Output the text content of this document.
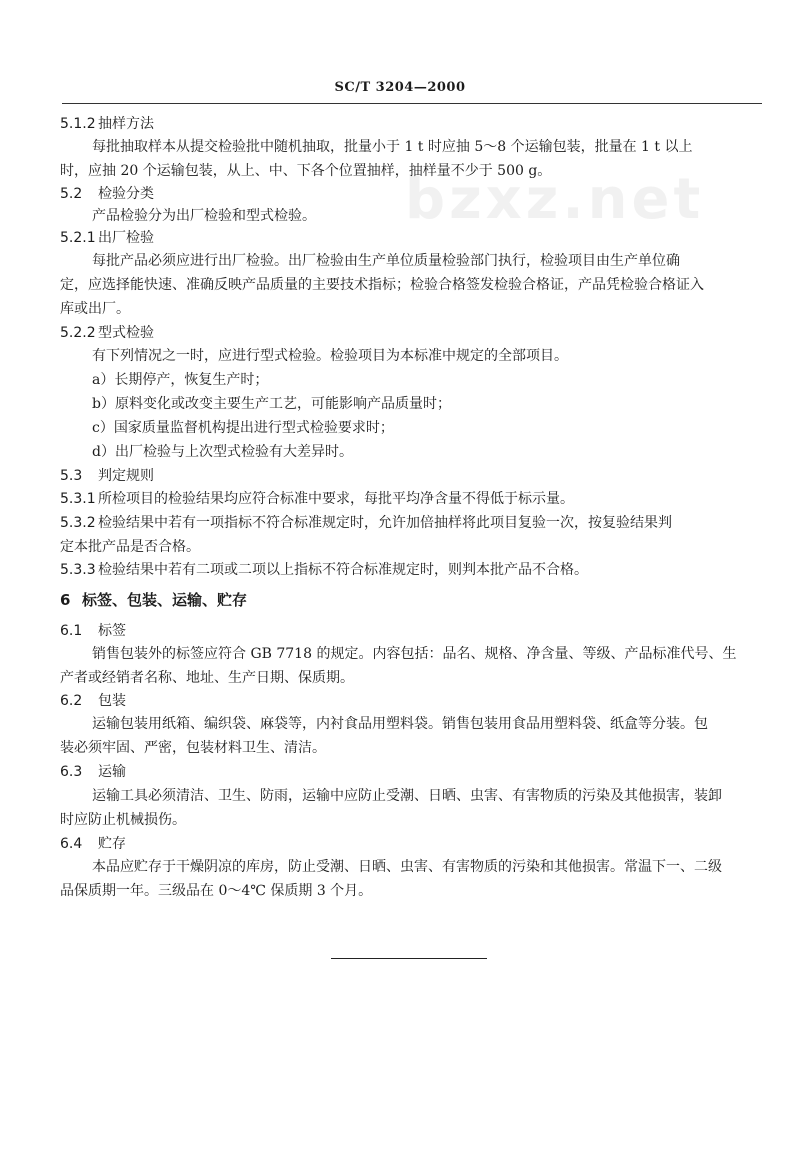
SC/T 3204—2000
bzxz.net
5.1.2 抽样方法
每批抽取样本从提交检验批中随机抽取，批量小于 1 t 时应抽 5～8 个运输包装，批量在 1 t 以上
时，应抽 20 个运输包装，从上、中、下各个位置抽样，抽样量不少于 500 g。
5.2 检验分类
产品检验分为出厂检验和型式检验。
5.2.1 出厂检验
每批产品必须应进行出厂检验。出厂检验由生产单位质量检验部门执行，检验项目由生产单位确
定，应选择能快速、准确反映产品质量的主要技术指标；检验合格签发检验合格证，产品凭检验合格证入
库或出厂。
5.2.2 型式检验
有下列情况之一时，应进行型式检验。检验项目为本标准中规定的全部项目。
a）长期停产，恢复生产时；
b）原料变化或改变主要生产工艺，可能影响产品质量时；
c）国家质量监督机构提出进行型式检验要求时；
d）出厂检验与上次型式检验有大差异时。
5.3 判定规则
5.3.1 所检项目的检验结果均应符合标准中要求，每批平均净含量不得低于标示量。
5.3.2 检验结果中若有一项指标不符合标准规定时，允许加倍抽样将此项目复验一次，按复验结果判
定本批产品是否合格。
5.3.3 检验结果中若有二项或二项以上指标不符合标准规定时，则判本批产品不合格。
6 标签、包装、运输、贮存
6.1 标签
销售包装外的标签应符合 GB 7718 的规定。内容包括：品名、规格、净含量、等级、产品标准代号、生
产者或经销者名称、地址、生产日期、保质期。
6.2 包装
运输包装用纸箱、编织袋、麻袋等，内衬食品用塑料袋。销售包装用食品用塑料袋、纸盒等分装。包
装必须牢固、严密，包装材料卫生、清洁。
6.3 运输
运输工具必须清洁、卫生、防雨，运输中应防止受潮、日晒、虫害、有害物质的污染及其他损害，装卸
时应防止机械损伤。
6.4 贮存
本品应贮存于干燥阴凉的库房，防止受潮、日晒、虫害、有害物质的污染和其他损害。常温下一、二级
品保质期一年。三级品在 0～4℃ 保质期 3 个月。
